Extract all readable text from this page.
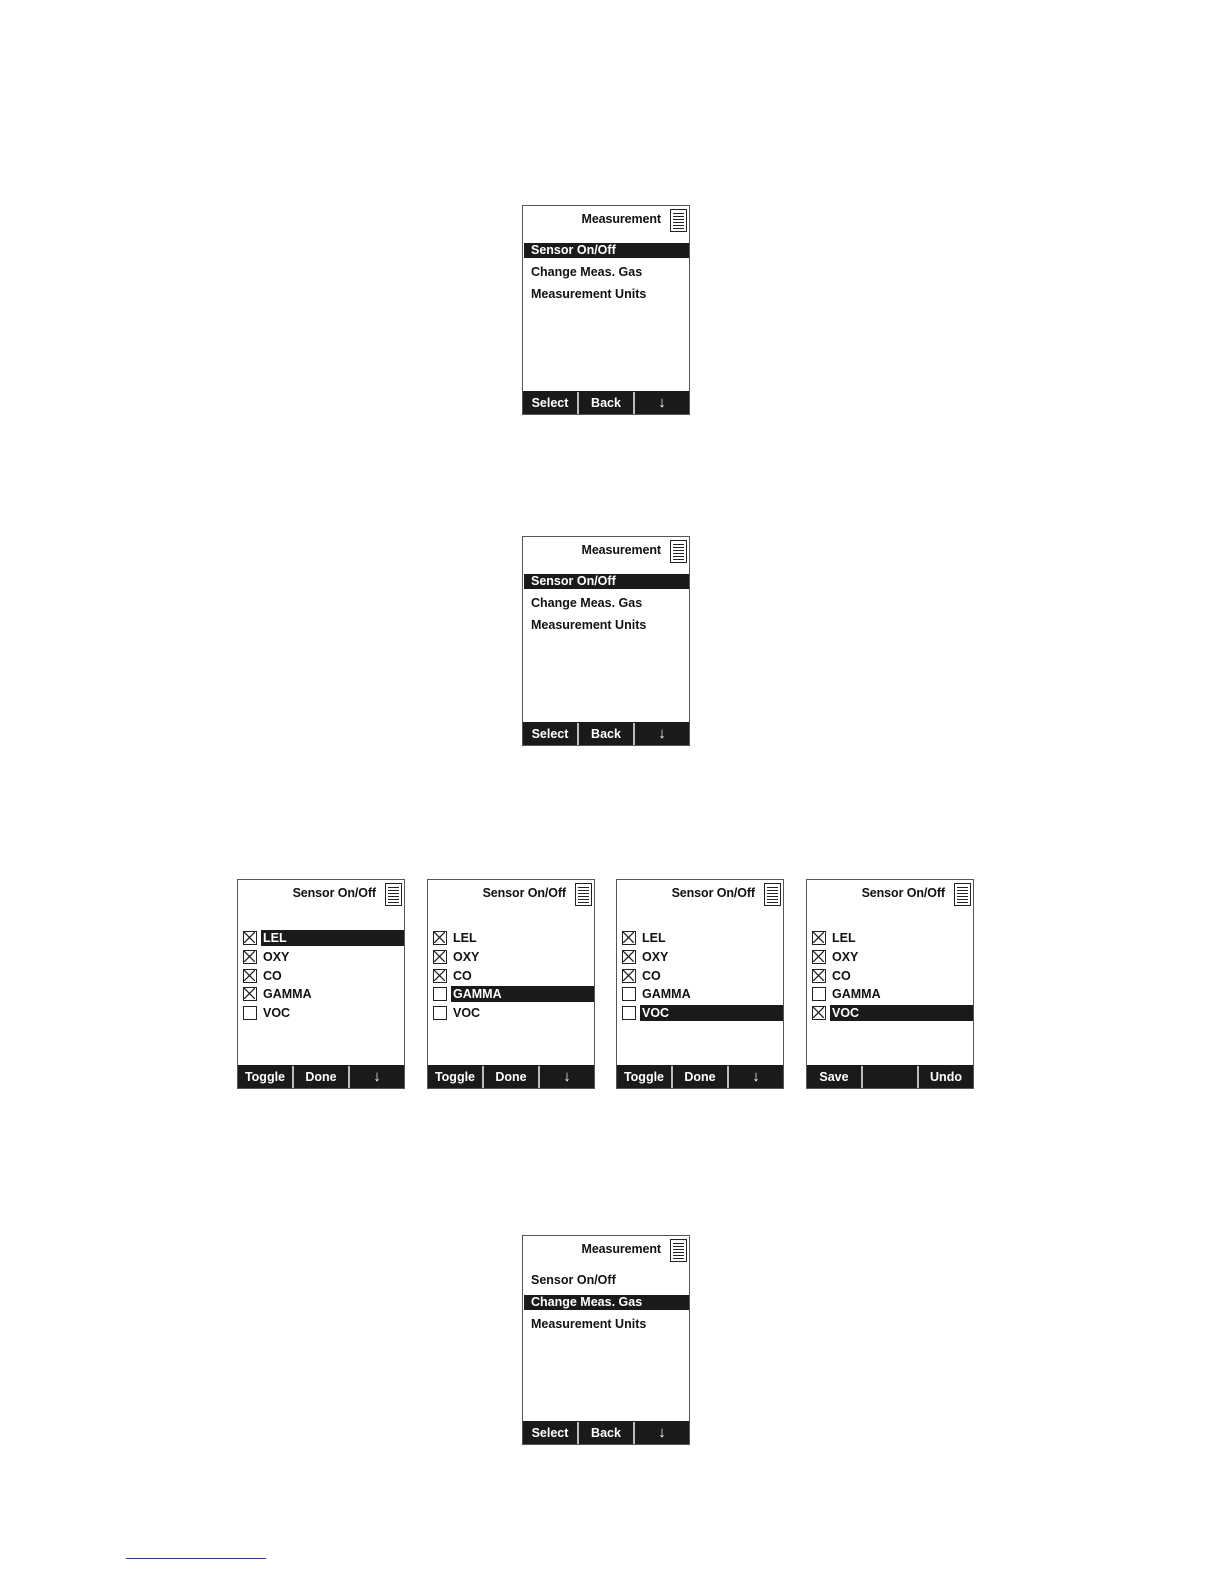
Measurement
Sensor On/Off
Change Meas. Gas
Measurement Units
Select	Back	↓
Measurement
Sensor On/Off
Change Meas. Gas
Measurement Units
Select	Back	↓
Sensor On/Off
LEL
OXY
CO
GAMMA
VOC
Toggle	Done	↓
Sensor On/Off
LEL
OXY
CO
GAMMA
VOC
Toggle	Done	↓
Sensor On/Off
LEL
OXY
CO
GAMMA
VOC
Toggle	Done	↓
Sensor On/Off
LEL
OXY
CO
GAMMA
VOC
Save	Undo
Measurement
Sensor On/Off
Change Meas. Gas
Measurement Units
Select	Back	↓
